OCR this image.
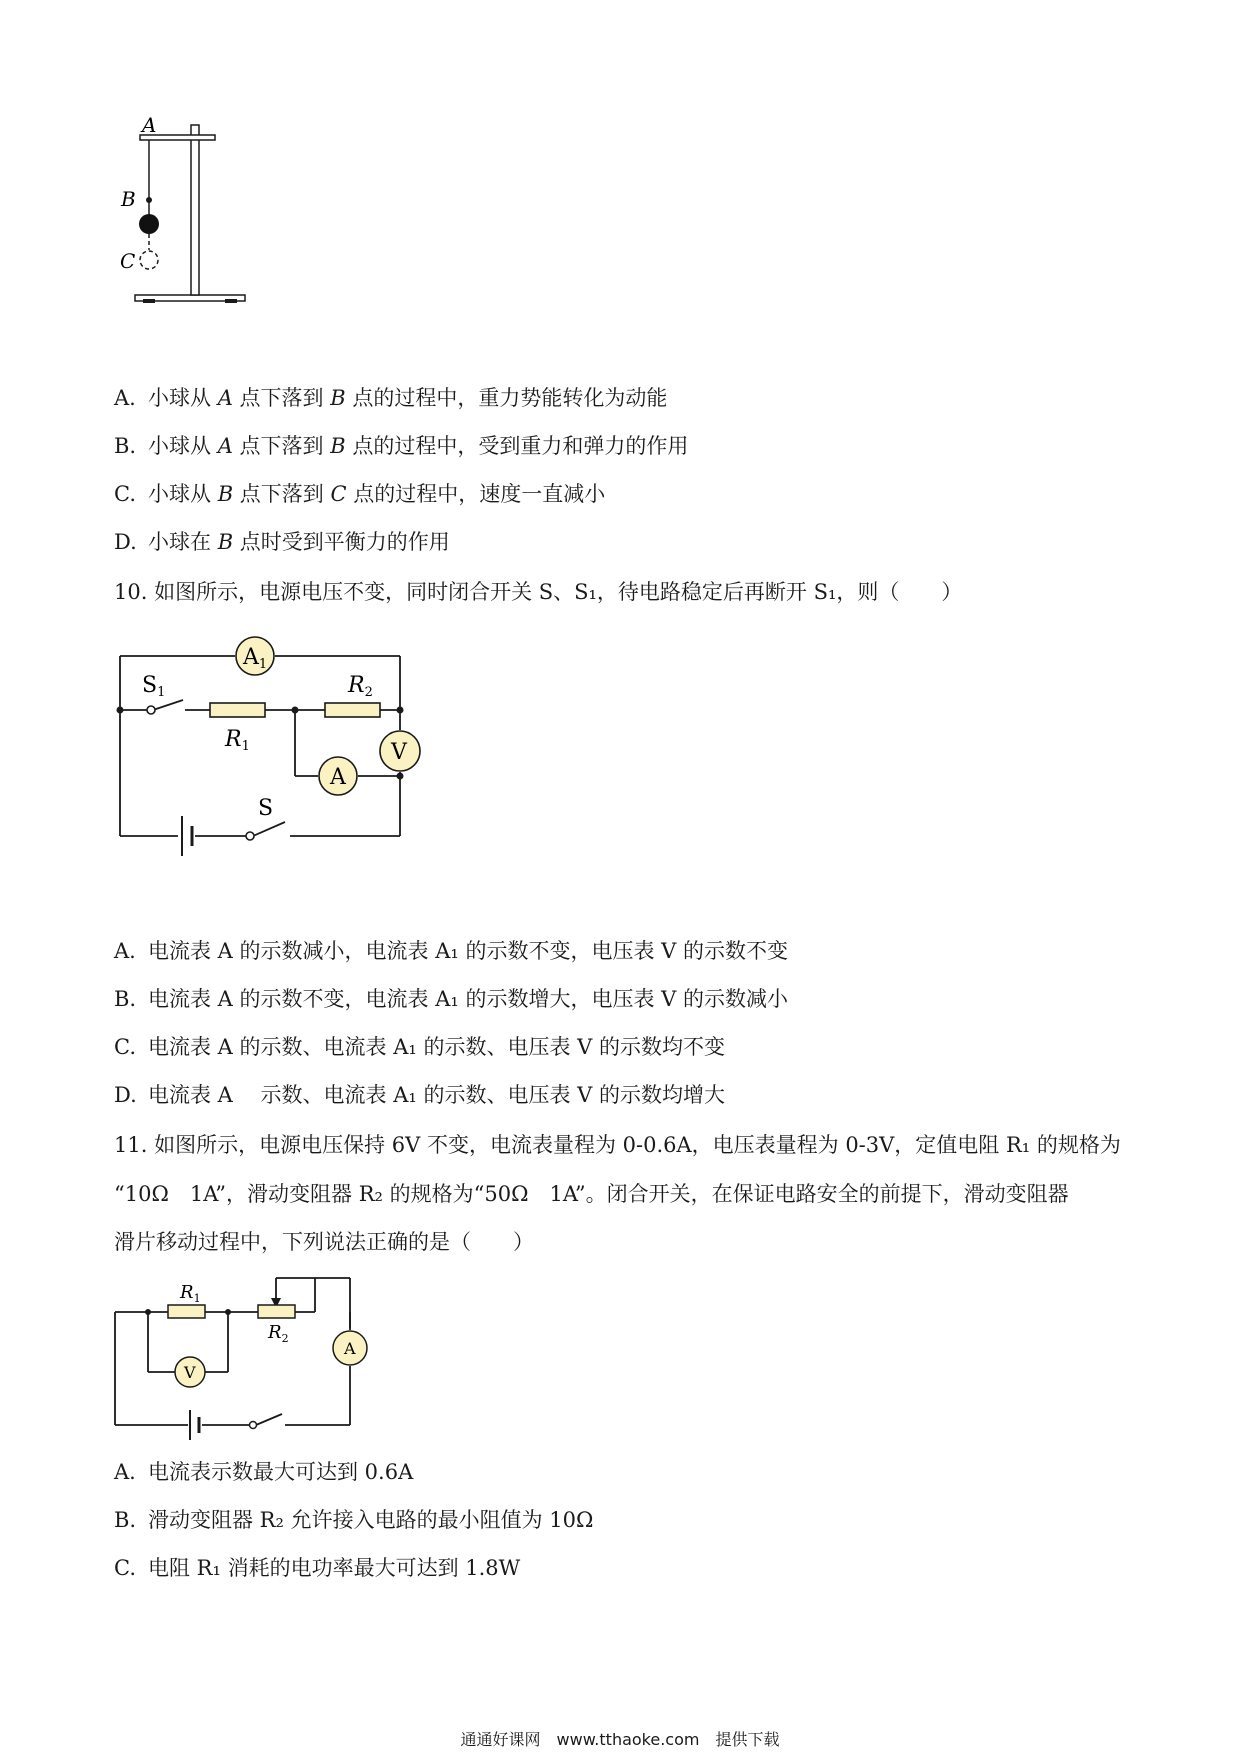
A
B
C
A. 小球从 A 点下落到 B 点的过程中，重力势能转化为动能
B. 小球从 A 点下落到 B 点的过程中，受到重力和弹力的作用
C. 小球从 B 点下落到 C 点的过程中，速度一直减小
D. 小球在 B 点时受到平衡力的作用
10. 如图所示，电源电压不变，同时闭合开关 S、S₁，待电路稳定后再断开 S₁，则（　　）
A1
V
A
S1	R2
R1
S
A. 电流表 A 的示数减小，电流表 A₁ 的示数不变，电压表 V 的示数不变
B. 电流表 A 的示数不变，电流表 A₁ 的示数增大，电压表 V 的示数减小
C. 电流表 A 的示数、电流表 A₁ 的示数、电压表 V 的示数均不变
D. 电流表 A　 示数、电流表 A₁ 的示数、电压表 V 的示数均增大
11. 如图所示，电源电压保持 6V 不变，电流表量程为 0-0.6A，电压表量程为 0-3V，定值电阻 R₁ 的规格为
“10Ω　1A”，滑动变阻器 R₂ 的规格为“50Ω　1A”。闭合开关，在保证电路安全的前提下，滑动变阻器
滑片移动过程中，下列说法正确的是（　　）
$R_1$
$R_2$
V
A
A. 电流表示数最大可达到 0.6A
B. 滑动变阻器 R₂ 允许接入电路的最小阻值为 10Ω
C. 电阻 R₁ 消耗的电功率最大可达到 1.8W
通通好课网　www.tthaoke.com　提供下载
